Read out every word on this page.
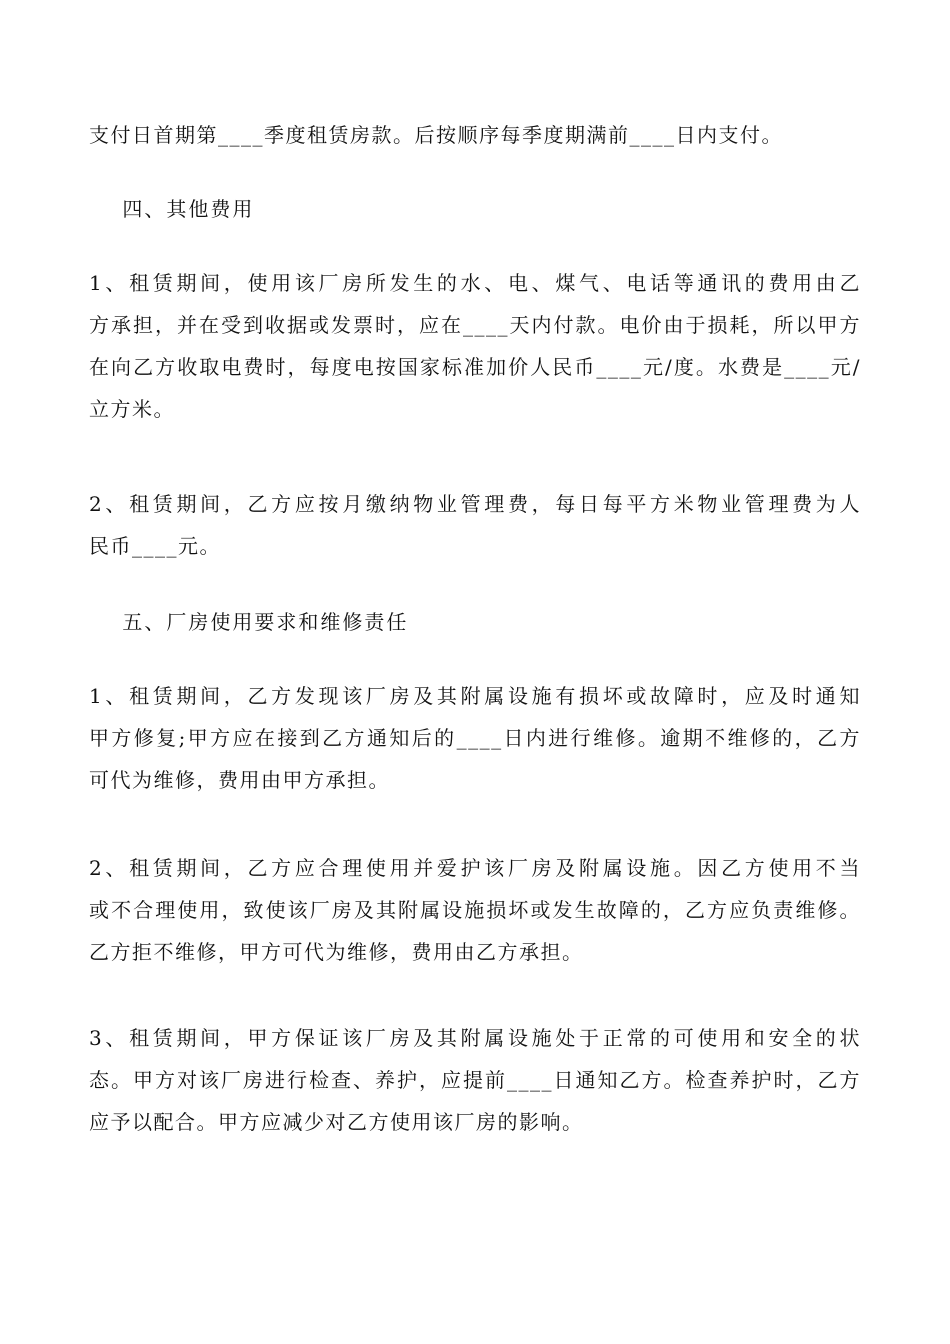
支付日首期第____季度租赁房款。后按顺序每季度期满前____日内支付。
四、其他费用
1、租赁期间，使用该厂房所发生的水、电、煤气、电话等通讯的费用由乙
方承担，并在受到收据或发票时，应在____天内付款。电价由于损耗，所以甲方
在向乙方收取电费时，每度电按国家标准加价人民币____元/度。水费是____元/
立方米。
2、租赁期间，乙方应按月缴纳物业管理费，每日每平方米物业管理费为人
民币____元。
五、厂房使用要求和维修责任
1、租赁期间，乙方发现该厂房及其附属设施有损坏或故障时，应及时通知
甲方修复;甲方应在接到乙方通知后的____日内进行维修。逾期不维修的，乙方
可代为维修，费用由甲方承担。
2、租赁期间，乙方应合理使用并爱护该厂房及附属设施。因乙方使用不当
或不合理使用，致使该厂房及其附属设施损坏或发生故障的，乙方应负责维修。
乙方拒不维修，甲方可代为维修，费用由乙方承担。
3、租赁期间，甲方保证该厂房及其附属设施处于正常的可使用和安全的状
态。甲方对该厂房进行检查、养护，应提前____日通知乙方。检查养护时，乙方
应予以配合。甲方应减少对乙方使用该厂房的影响。
